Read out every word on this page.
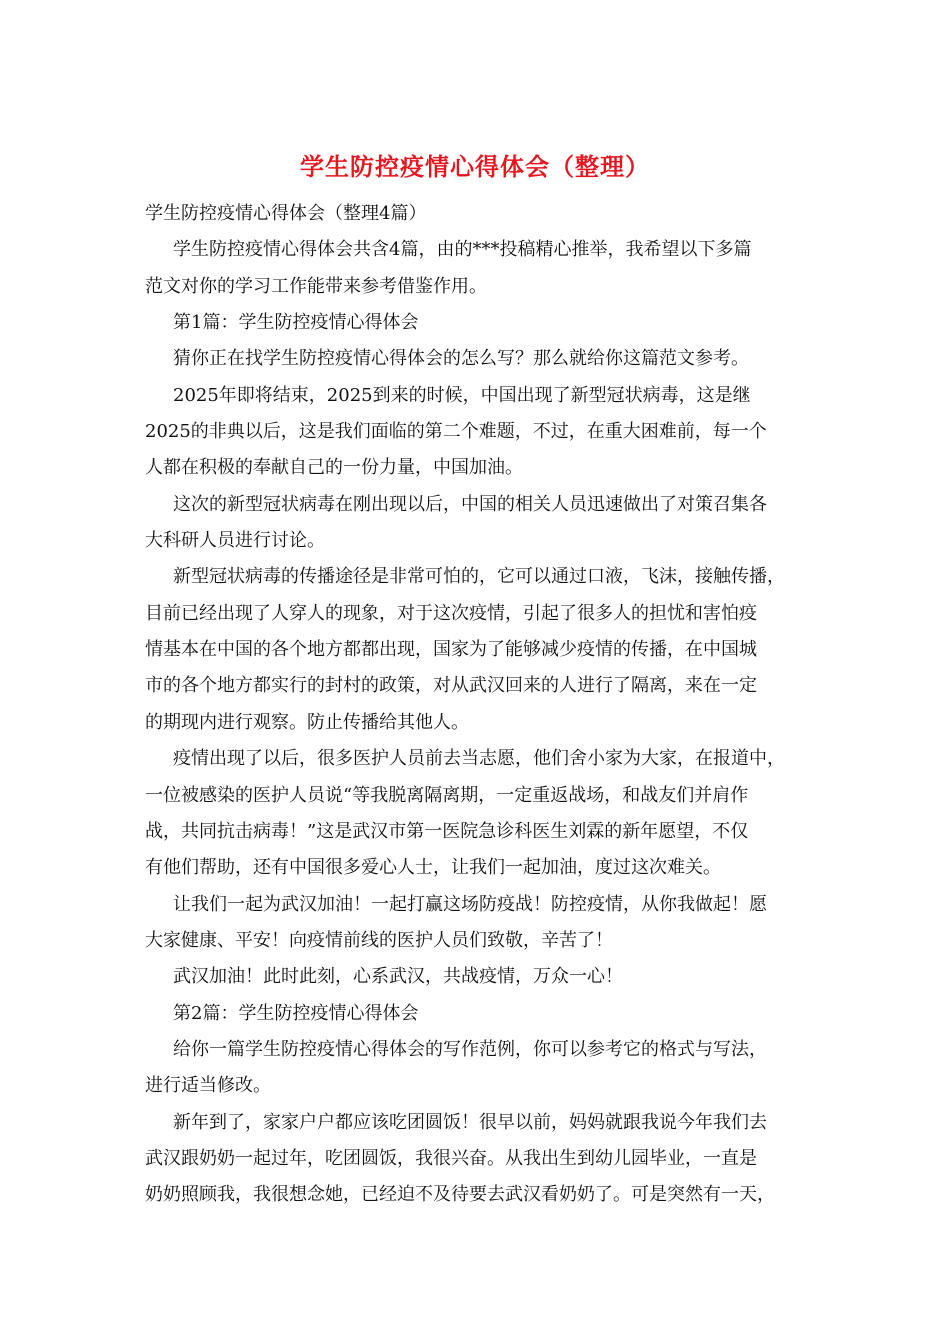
学生防控疫情心得体会（整理）
学生防控疫情心得体会（整理4篇）
学生防控疫情心得体会共含4篇，由的***投稿精心推举，我希望以下多篇
范文对你的学习工作能带来参考借鉴作用。
第1篇：学生防控疫情心得体会
猜你正在找学生防控疫情心得体会的怎么写？那么就给你这篇范文参考。
2025年即将结束，2025到来的时候，中国出现了新型冠状病毒，这是继
2025的非典以后，这是我们面临的第二个难题，不过，在重大困难前，每一个
人都在积极的奉献自己的一份力量，中国加油。
这次的新型冠状病毒在刚出现以后，中国的相关人员迅速做出了对策召集各
大科研人员进行讨论。
新型冠状病毒的传播途径是非常可怕的，它可以通过口液，飞沫，接触传播，
目前已经出现了人穿人的现象，对于这次疫情，引起了很多人的担忧和害怕疫
情基本在中国的各个地方都都出现，国家为了能够减少疫情的传播，在中国城
市的各个地方都实行的封村的政策，对从武汉回来的人进行了隔离，来在一定
的期现内进行观察。防止传播给其他人。
疫情出现了以后，很多医护人员前去当志愿，他们舍小家为大家，在报道中，
一位被感染的医护人员说“等我脱离隔离期，一定重返战场，和战友们并肩作
战，共同抗击病毒！”这是武汉市第一医院急诊科医生刘霖的新年愿望，不仅
有他们帮助，还有中国很多爱心人士，让我们一起加油，度过这次难关。
让我们一起为武汉加油！一起打赢这场防疫战！防控疫情，从你我做起！愿
大家健康、平安！向疫情前线的医护人员们致敬，辛苦了！
武汉加油！此时此刻，心系武汉，共战疫情，万众一心！
第2篇：学生防控疫情心得体会
给你一篇学生防控疫情心得体会的写作范例，你可以参考它的格式与写法，
进行适当修改。
新年到了，家家户户都应该吃团圆饭！很早以前，妈妈就跟我说今年我们去
武汉跟奶奶一起过年，吃团圆饭，我很兴奋。从我出生到幼儿园毕业，一直是
奶奶照顾我，我很想念她，已经迫不及待要去武汉看奶奶了。可是突然有一天，
